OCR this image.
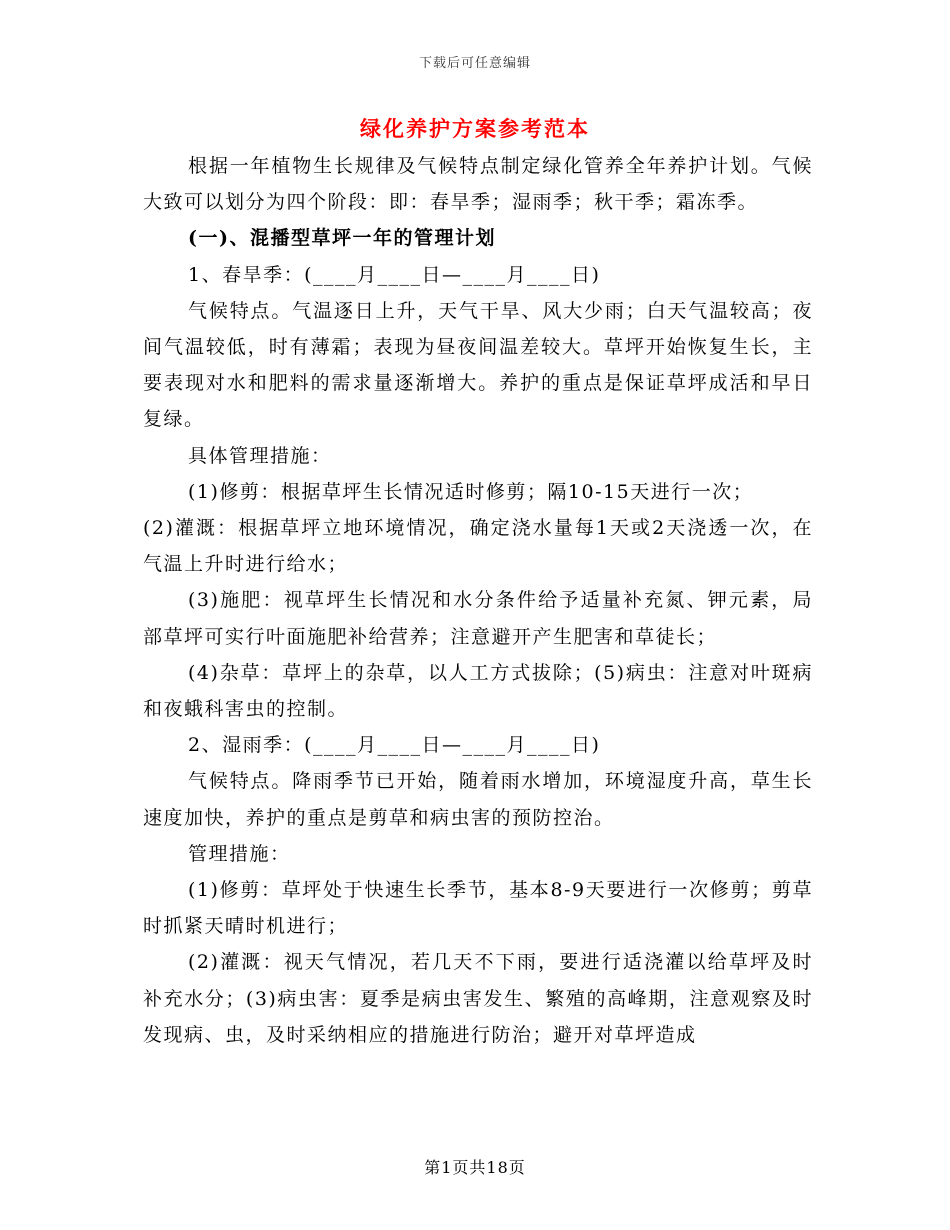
下载后可任意编辑
绿化养护方案参考范本

根据一年植物生长规律及气候特点制定绿化管养全年养护计划。气候大致可以划分为四个阶段：即：春旱季；湿雨季；秋干季；霜冻季。

(一)、混播型草坪一年的管理计划

1、春旱季：(____月____日—____月____日)

气候特点。气温逐日上升，天气干旱、风大少雨；白天气温较高；夜间气温较低，时有薄霜；表现为昼夜间温差较大。草坪开始恢复生长，主要表现对水和肥料的需求量逐渐增大。养护的重点是保证草坪成活和早日复绿。

具体管理措施：

(1)修剪：根据草坪生长情况适时修剪；隔10-15天进行一次；

(2)灌溉：根据草坪立地环境情况，确定浇水量每1天或2天浇透一次，在气温上升时进行给水；

(3)施肥：视草坪生长情况和水分条件给予适量补充氮、钾元素，局部草坪可实行叶面施肥补给营养；注意避开产生肥害和草徒长；

(4)杂草：草坪上的杂草，以人工方式拔除；(5)病虫：注意对叶斑病和夜蛾科害虫的控制。

2、湿雨季：(____月____日—____月____日)

气候特点。降雨季节已开始，随着雨水增加，环境湿度升高，草生长速度加快，养护的重点是剪草和病虫害的预防控治。

管理措施：

(1)修剪：草坪处于快速生长季节，基本8-9天要进行一次修剪；剪草时抓紧天晴时机进行；

(2)灌溉：视天气情况，若几天不下雨，要进行适浇灌以给草坪及时补充水分；(3)病虫害：夏季是病虫害发生、繁殖的高峰期，注意观察及时发现病、虫，及时采纳相应的措施进行防治；避开对草坪造成

第1页共18页
